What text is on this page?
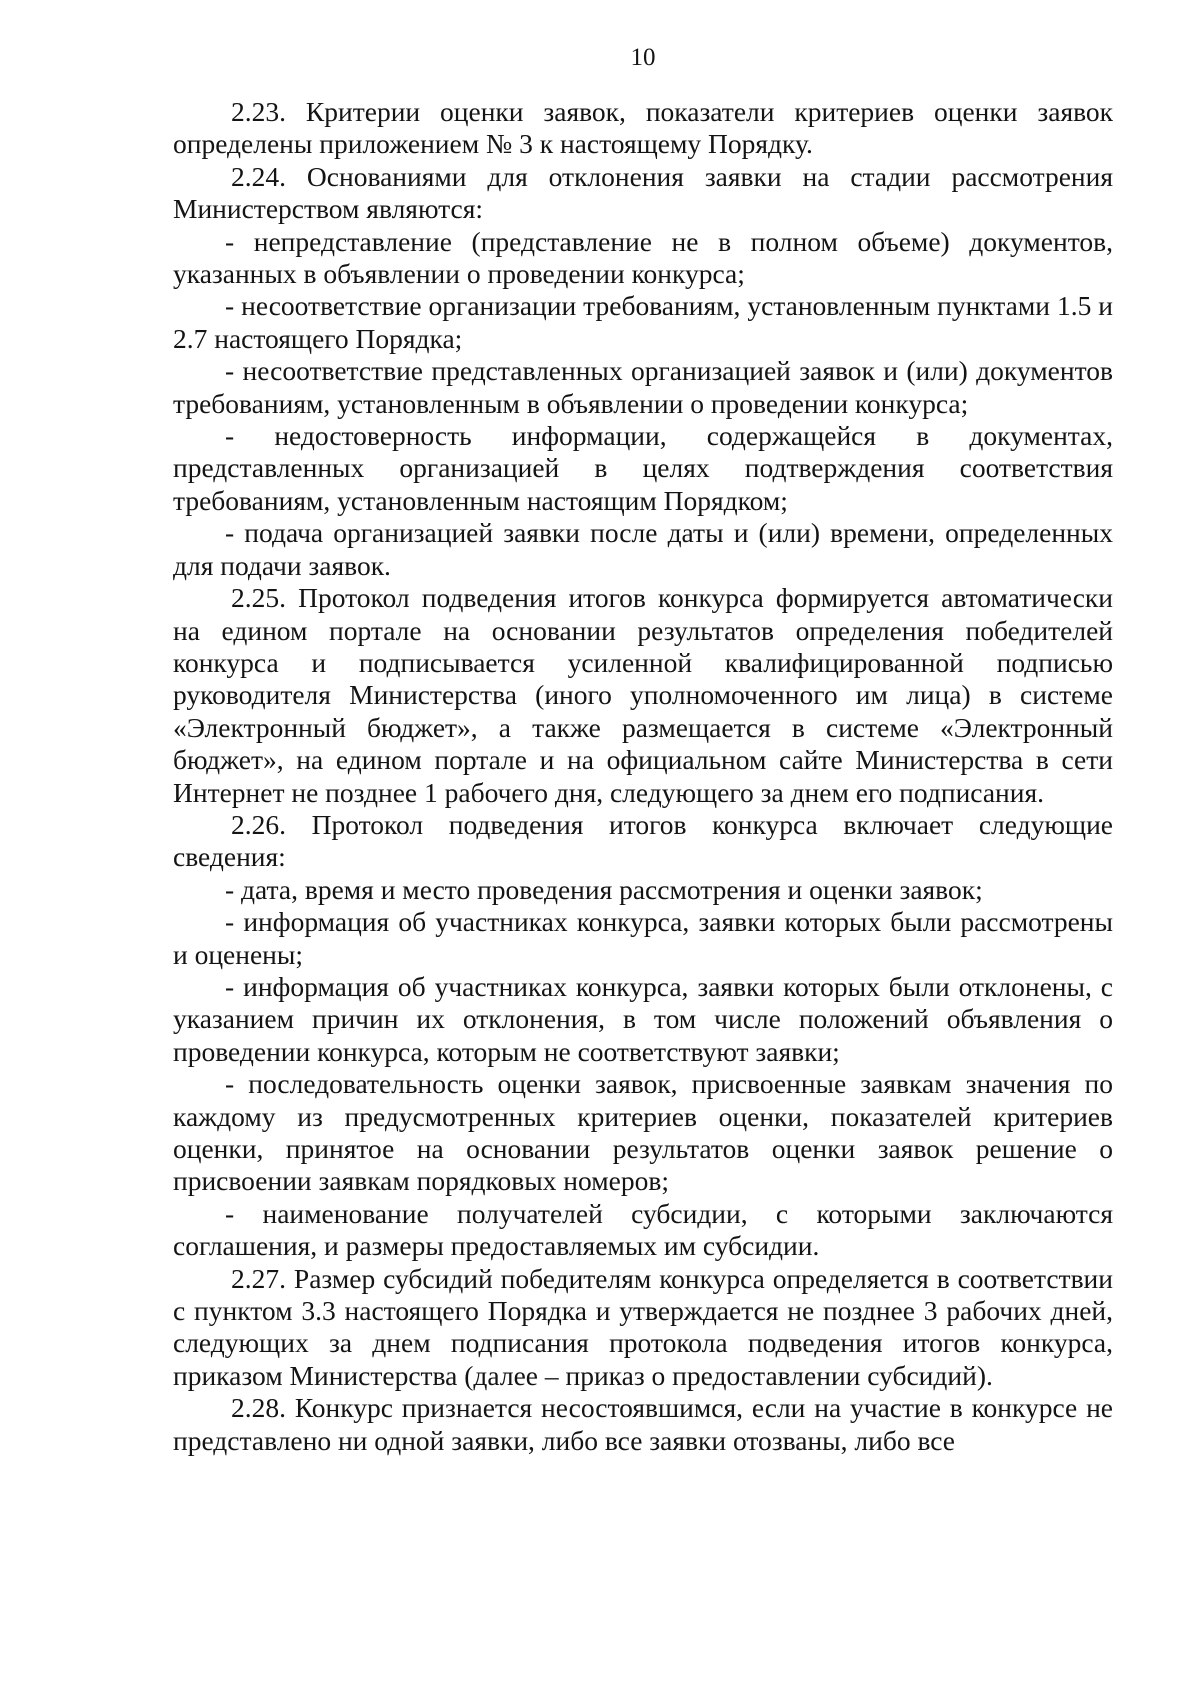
10

2.23. Критерии оценки заявок, показатели критериев оценки заявок определены приложением № 3 к настоящему Порядку.

2.24. Основаниями для отклонения заявки на стадии рассмотрения Министерством являются:

- непредставление (представление не в полном объеме) документов, указанных в объявлении о проведении конкурса;

- несоответствие организации требованиям, установленным пунктами 1.5 и 2.7 настоящего Порядка;

- несоответствие представленных организацией заявок и (или) документов требованиям, установленным в объявлении о проведении конкурса;

- недостоверность информации, содержащейся в документах, представленных организацией в целях подтверждения соответствия требованиям, установленным настоящим Порядком;

- подача организацией заявки после даты и (или) времени, определенных для подачи заявок.

2.25. Протокол подведения итогов конкурса формируется автоматически на едином портале на основании результатов определения победителей конкурса и подписывается усиленной квалифицированной подписью руководителя Министерства (иного уполномоченного им лица) в системе «Электронный бюджет», а также размещается в системе «Электронный бюджет», на едином портале и на официальном сайте Министерства в сети Интернет не позднее 1 рабочего дня, следующего за днем его подписания.

2.26. Протокол подведения итогов конкурса включает следующие сведения:

- дата, время и место проведения рассмотрения и оценки заявок;

- информация об участниках конкурса, заявки которых были рассмотрены и оценены;

- информация об участниках конкурса, заявки которых были отклонены, с указанием причин их отклонения, в том числе положений объявления о проведении конкурса, которым не соответствуют заявки;

- последовательность оценки заявок, присвоенные заявкам значения по каждому из предусмотренных критериев оценки, показателей критериев оценки, принятое на основании результатов оценки заявок решение о присвоении заявкам порядковых номеров;

- наименование получателей субсидии, с которыми заключаются соглашения, и размеры предоставляемых им субсидии.

2.27. Размер субсидий победителям конкурса определяется в соответствии с пунктом 3.3 настоящего Порядка и утверждается не позднее 3 рабочих дней, следующих за днем подписания протокола подведения итогов конкурса, приказом Министерства (далее – приказ о предоставлении субсидий).

2.28. Конкурс признается несостоявшимся, если на участие в конкурсе не представлено ни одной заявки, либо все заявки отозваны, либо все
